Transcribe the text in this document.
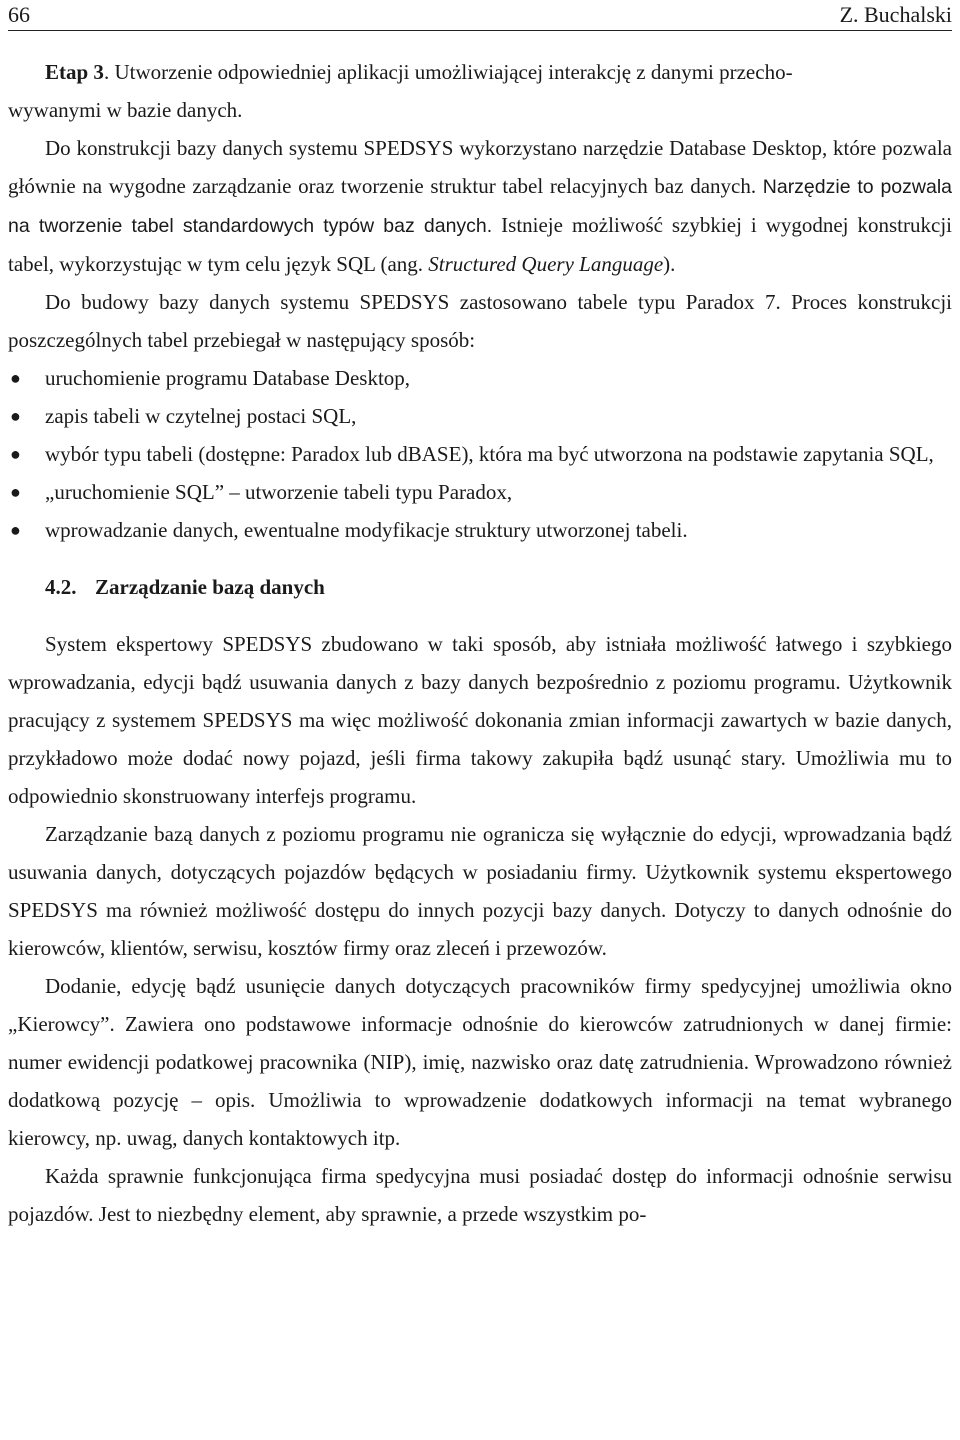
66	Z. Buchalski

Etap 3. Utworzenie odpowiedniej aplikacji umożliwiającej interakcję z danymi przecho-
wywanymi w bazie danych.

Do konstrukcji bazy danych systemu SPEDSYS wykorzystano narzędzie Database Desktop, które pozwala głównie na wygodne zarządzanie oraz tworzenie struktur tabel relacyjnych baz danych. Narzędzie to pozwala na tworzenie tabel standardowych typów baz danych. Istnieje możliwość szybkiej i wygodnej konstrukcji tabel, wykorzystując w tym celu język SQL (ang. Structured Query Language).

Do budowy bazy danych systemu SPEDSYS zastosowano tabele typu Paradox 7. Proces konstrukcji poszczególnych tabel przebiegał w następujący sposób:

● uruchomienie programu Database Desktop,
● zapis tabeli w czytelnej postaci SQL,
● wybór typu tabeli (dostępne: Paradox lub dBASE), która ma być utworzona na podstawie zapytania SQL,
● „uruchomienie SQL” – utworzenie tabeli typu Paradox,
● wprowadzanie danych, ewentualne modyfikacje struktury utworzonej tabeli.
4.2. Zarządzanie bazą danych

System ekspertowy SPEDSYS zbudowano w taki sposób, aby istniała możliwość łatwego i szybkiego wprowadzania, edycji bądź usuwania danych z bazy danych bezpośrednio z poziomu programu. Użytkownik pracujący z systemem SPEDSYS ma więc możliwość dokonania zmian informacji zawartych w bazie danych, przykładowo może dodać nowy pojazd, jeśli firma takowy zakupiła bądź usunąć stary. Umożliwia mu to odpowiednio skonstruowany interfejs programu.

Zarządzanie bazą danych z poziomu programu nie ogranicza się wyłącznie do edycji, wprowadzania bądź usuwania danych, dotyczących pojazdów będących w posiadaniu firmy. Użytkownik systemu ekspertowego SPEDSYS ma również możliwość dostępu do innych pozycji bazy danych. Dotyczy to danych odnośnie do kierowców, klientów, serwisu, kosztów firmy oraz zleceń i przewozów.

Dodanie, edycję bądź usunięcie danych dotyczących pracowników firmy spedycyjnej umożliwia okno „Kierowcy”. Zawiera ono podstawowe informacje odnośnie do kierowców zatrudnionych w danej firmie: numer ewidencji podatkowej pracownika (NIP), imię, nazwisko oraz datę zatrudnienia. Wprowadzono również dodatkową pozycję – opis. Umożliwia to wprowadzenie dodatkowych informacji na temat wybranego kierowcy, np. uwag, danych kontaktowych itp.

Każda sprawnie funkcjonująca firma spedycyjna musi posiadać dostęp do informacji odnośnie serwisu pojazdów. Jest to niezbędny element, aby sprawnie, a przede wszystkim po-
